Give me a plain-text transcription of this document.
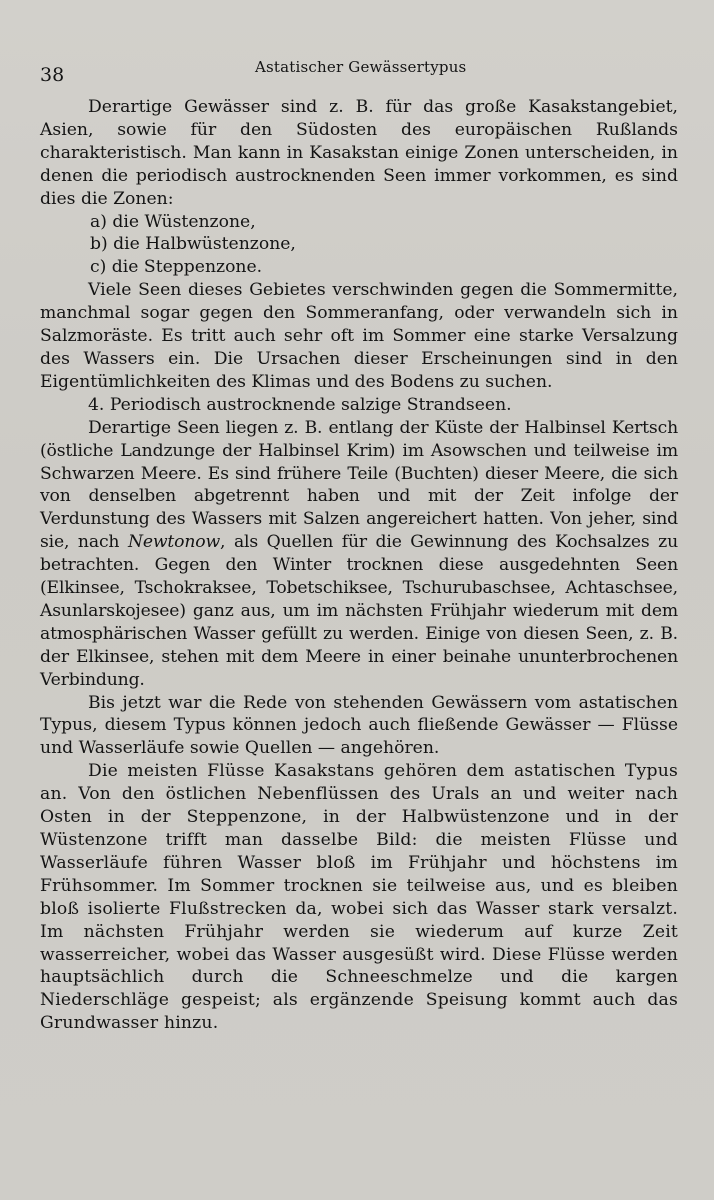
38	Astatischer Gewässertypus

Derartige Gewässer sind z. B. für das große Kasakstangebiet, Asien, sowie für den Südosten des europäischen Rußlands charakteristisch. Man kann in Kasakstan einige Zonen unterscheiden, in denen die periodisch austrocknenden Seen immer vorkommen, es sind dies die Zonen:

a) die Wüstenzone,

b) die Halbwüstenzone,

c) die Steppenzone.

Viele Seen dieses Gebietes verschwinden gegen die Sommermitte, manchmal sogar gegen den Sommeranfang, oder verwandeln sich in Salzmoräste. Es tritt auch sehr oft im Sommer eine starke Versalzung des Wassers ein. Die Ursachen dieser Erscheinungen sind in den Eigentümlichkeiten des Klimas und des Bodens zu suchen.

4. Periodisch austrocknende salzige Strandseen.

Derartige Seen liegen z. B. entlang der Küste der Halbinsel Kertsch (östliche Landzunge der Halbinsel Krim) im Asowschen und teilweise im Schwarzen Meere. Es sind frühere Teile (Buchten) dieser Meere, die sich von denselben abgetrennt haben und mit der Zeit infolge der Verdunstung des Wassers mit Salzen angereichert hatten. Von jeher, sind sie, nach Newtonow, als Quellen für die Gewinnung des Kochsalzes zu betrachten. Gegen den Winter trocknen diese ausgedehnten Seen (Elkinsee, Tschokraksee, Tobetschiksee, Tschurubaschsee, Achtaschsee, Asunlarskojesee) ganz aus, um im nächsten Frühjahr wiederum mit dem atmosphärischen Wasser gefüllt zu werden. Einige von diesen Seen, z. B. der Elkinsee, stehen mit dem Meere in einer beinahe ununterbrochenen Verbindung.

Bis jetzt war die Rede von stehenden Gewässern vom astatischen Typus, diesem Typus können jedoch auch fließende Gewässer — Flüsse und Wasserläufe sowie Quellen — angehören.

Die meisten Flüsse Kasakstans gehören dem astatischen Typus an. Von den östlichen Nebenflüssen des Urals an und weiter nach Osten in der Steppenzone, in der Halbwüstenzone und in der Wüstenzone trifft man dasselbe Bild: die meisten Flüsse und Wasserläufe führen Wasser bloß im Frühjahr und höchstens im Frühsommer. Im Sommer trocknen sie teilweise aus, und es bleiben bloß isolierte Flußstrecken da, wobei sich das Wasser stark versalzt. Im nächsten Frühjahr werden sie wiederum auf kurze Zeit wasserreicher, wobei das Wasser ausgesüßt wird. Diese Flüsse werden hauptsächlich durch die Schneeschmelze und die kargen Niederschläge gespeist; als ergänzende Speisung kommt auch das Grundwasser hinzu.
